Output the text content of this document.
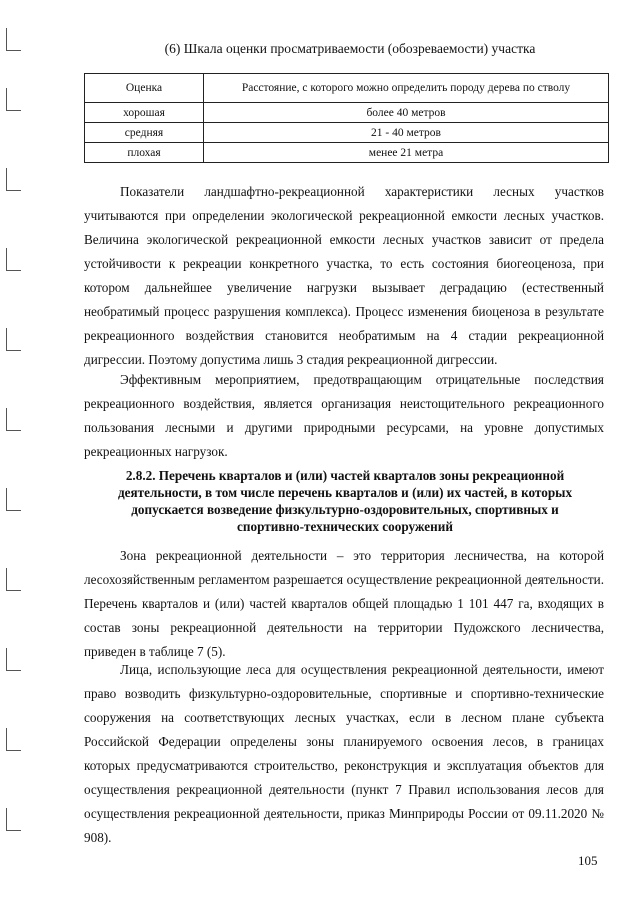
(6) Шкала оценки просматриваемости (обозреваемости) участка
Оценка	Расстояние, с которого можно определить породу дерева по стволу
хорошая	более 40 метров
средняя	21 - 40 метров
плохая	менее 21 метра

Показатели ландшафтно-рекреационной характеристики лесных участков учитываются при определении экологической рекреационной емкости лесных участков. Величина экологической рекреационной емкости лесных участков зависит от предела устойчивости к рекреации конкретного участка, то есть состояния биогеоценоза, при котором дальнейшее увеличение нагрузки вызывает деградацию (естественный необратимый процесс разрушения комплекса). Процесс изменения биоценоза в результате рекреационного воздействия становится необратимым на 4 стадии рекреационной дигрессии. Поэтому допустима лишь 3 стадия рекреационной дигрессии.

Эффективным мероприятием, предотвращающим отрицательные последствия рекреационного воздействия, является организация неистощительного рекреационного пользования лесными и другими природными ресурсами, на уровне допустимых рекреационных нагрузок.

2.8.2. Перечень кварталов и (или) частей кварталов зоны рекреационной деятельности, в том числе перечень кварталов и (или) их частей, в которых допускается возведение физкультурно-оздоровительных, спортивных и спортивно-технических сооружений

Зона рекреационной деятельности – это территория лесничества, на которой лесохозяйственным регламентом разрешается осуществление рекреационной деятельности. Перечень кварталов и (или) частей кварталов общей площадью 1 101 447 га, входящих в состав зоны рекреационной деятельности на территории Пудожского лесничества, приведен в таблице 7 (5).

Лица, использующие леса для осуществления рекреационной деятельности, имеют право возводить физкультурно-оздоровительные, спортивные и спортивно-технические сооружения на соответствующих лесных участках, если в лесном плане субъекта Российской Федерации определены зоны планируемого освоения лесов, в границах которых предусматриваются строительство, реконструкция и эксплуатация объектов для осуществления рекреационной деятельности (пункт 7 Правил использования лесов для осуществления рекреационной деятельности, приказ Минприроды России от 09.11.2020 № 908).

105
